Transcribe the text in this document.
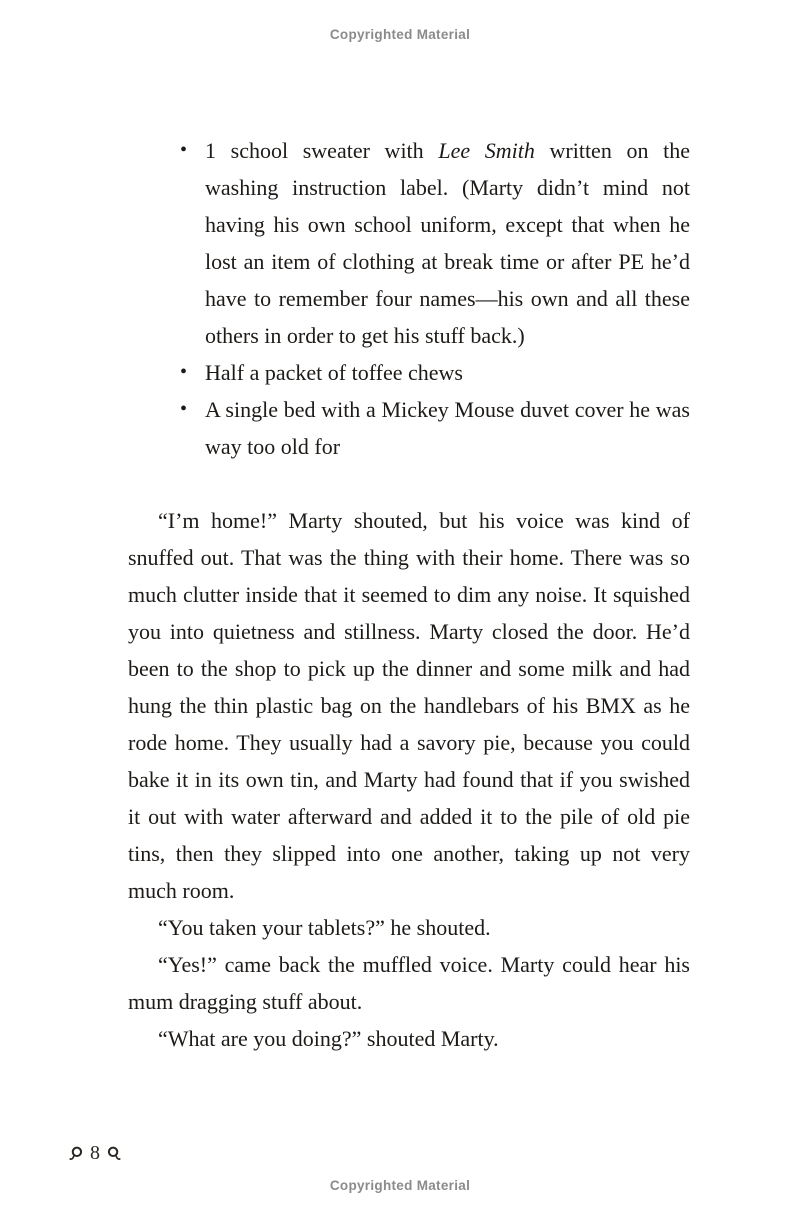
Copyrighted Material
• 1 school sweater with Lee Smith written on the washing instruction label. (Marty didn’t mind not having his own school uniform, except that when he lost an item of clothing at break time or after PE he’d have to remember four names—his own and all these others in order to get his stuff back.)
• Half a packet of toffee chews
• A single bed with a Mickey Mouse duvet cover he was way too old for

“I’m home!” Marty shouted, but his voice was kind of snuffed out. That was the thing with their home. There was so much clutter inside that it seemed to dim any noise. It squished you into quietness and stillness. Marty closed the door. He’d been to the shop to pick up the dinner and some milk and had hung the thin plastic bag on the handlebars of his BMX as he rode home. They usually had a savory pie, because you could bake it in its own tin, and Marty had found that if you swished it out with water afterward and added it to the pile of old pie tins, then they slipped into one another, taking up not very much room.

“You taken your tablets?” he shouted.

“Yes!” came back the muffled voice. Marty could hear his mum dragging stuff about.

“What are you doing?” shouted Marty.

8
Copyrighted Material
